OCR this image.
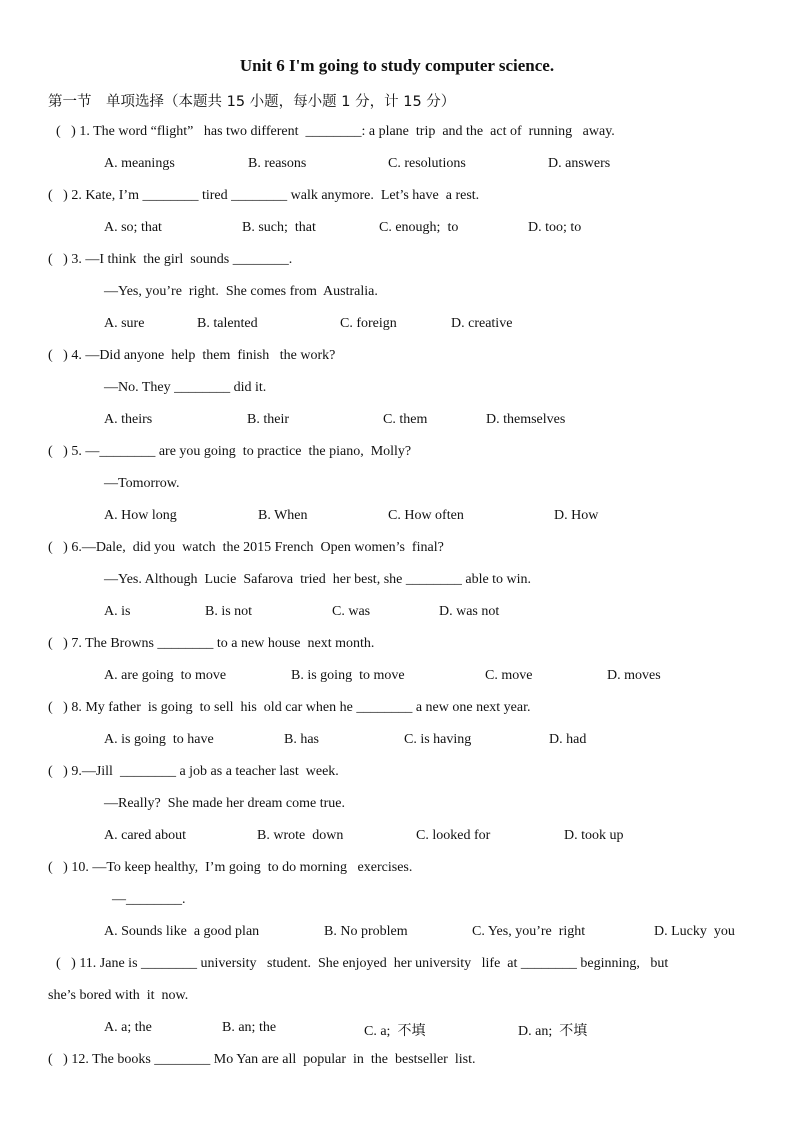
Unit 6 I'm going to study computer science.
第一节　单项选择（本题共 15 小题，每小题 1 分，计 15 分）
(   ) 1. The word “flight”   has two different  ________: a plane  trip  and the  act of  running   away.
A. meanings	B. reasons	C. resolutions	D. answers
(   ) 2. Kate, I’m ________ tired ________ walk anymore.  Let’s have  a rest.
A. so; that	B. such;  that	C. enough;  to	D. too; to
(   ) 3. —I think  the girl  sounds ________.
—Yes, you’re  right.  She comes from  Australia.
A. sure	B. talented	C. foreign	D. creative
(   ) 4. —Did anyone  help  them  finish   the work?
—No. They ________ did it.
A. theirs	B. their	C. them	D. themselves
(   ) 5. —________ are you going  to practice  the piano,  Molly?
—Tomorrow.
A. How long	B. When	C. How often	D. How
(   ) 6.—Dale,  did you  watch  the 2015 French  Open women’s  final?
—Yes. Although  Lucie  Safarova  tried  her best, she ________ able to win.
A. is	B. is not	C. was	D. was not
(   ) 7. The Browns ________ to a new house  next month.
A. are going  to move	B. is going  to move	C. move	D. moves
(   ) 8. My father  is going  to sell  his  old car when he ________ a new one next year.
A. is going  to have	B. has	C. is having	D. had
(   ) 9.—Jill  ________ a job as a teacher last  week.
—Really?  She made her dream come true.
A. cared about	B. wrote  down	C. looked for	D. took up
(   ) 10. —To keep healthy,  I’m going  to do morning   exercises.
—________.
A. Sounds like  a good plan	B. No problem	C. Yes, you’re  right	D. Lucky  you
(   ) 11. Jane is ________ university   student.  She enjoyed  her university   life  at ________ beginning,   but
she’s bored with  it  now.
A. a; the	B. an; the	C. a;  不填	D. an;  不填
(   ) 12. The books ________ Mo Yan are all  popular  in  the  bestseller  list.
